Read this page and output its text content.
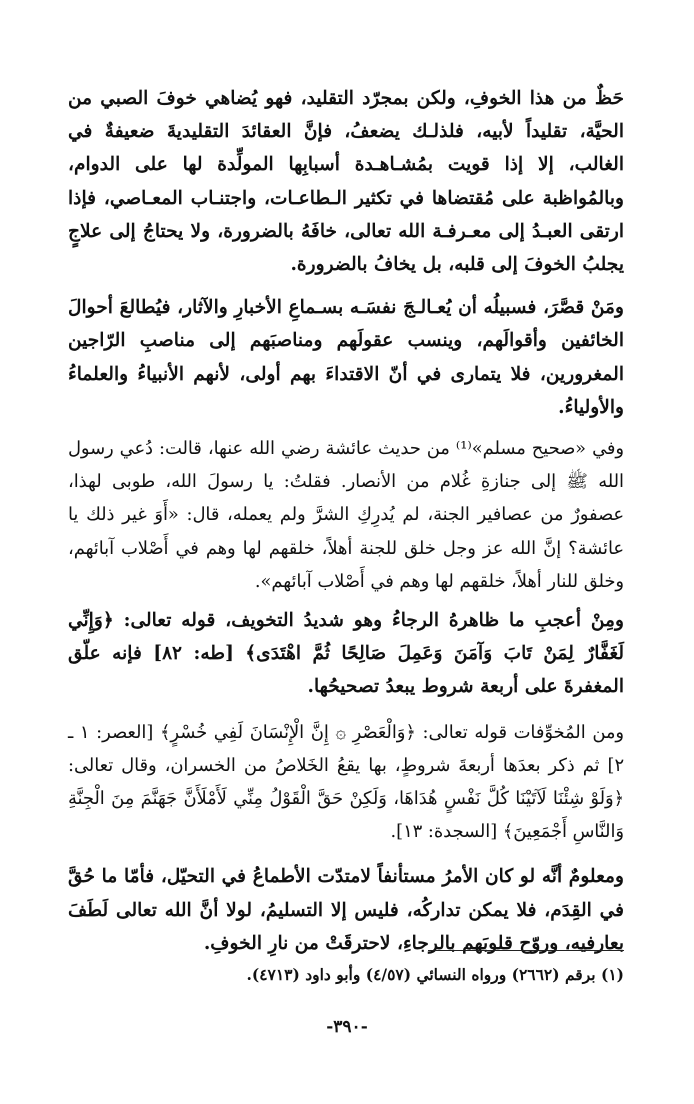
حَظٌ من هذا الخوفِ، ولكن بمجرّد التقليد، فهو يُضاهي خوفَ الصبي من الحيَّة، تقليداً لأبيه، فلذلـك يضعفُ، فإنَّ العقائدَ التقليديةَ ضعيفةٌ في الغالب، إلا إذا قويت بمُشـاهـدة أسبابِها المولِّدة لها على الدوام، وبالمُواظبة على مُقتضاها في تكثير الـطاعـات، واجتنـاب المعـاصي، فإذا ارتقى العبـدُ إلى معـرفـة الله تعالى، خافَهُ بالضرورة، ولا يحتاجُ إلى علاجٍ يجلبُ الخوفَ إلى قلبه، بل يخافُ بالضرورة.

ومَنْ قصَّرَ، فسبيلُه أن يُعـالـجَ نفسَـه بسـماعِ الأخبارِ والآثار، فيُطالعَ أحوالَ الخائفين وأقوالَهم، وينسب عقولَهم ومناصبَهم إلى مناصبِ الرّاجين المغرورين، فلا يتمارى في أنّ الاقتداءَ بهم أولى، لأنهم الأنبياءُ والعلماءُ والأولياءُ.

وفي «صحيح مسلم»⁽¹⁾ من حديث عائشة رضي الله عنها، قالت: دُعي رسول الله ﷺ إلى جنازةِ غُلام من الأنصار. فقلتُ: يا رسولَ الله، طوبى لهذا، عصفورٌ من عصافير الجنة، لم يُدرِكِ الشرَّ ولم يعمله، قال: «أَوَ غير ذلك يا عائشة؟ إنَّ الله عز وجل خلق للجنة أهلاً، خلقهم لها وهم في أَصْلاب آبائهم، وخلق للنار أهلاً، خلقهم لها وهم في أَصْلاب آبائهم».

ومِنْ أعجبِ ما ظاهرهُ الرجاءُ وهو شديدُ التخويف، قوله تعالى: ﴿وَإِنِّي لَغَفَّارٌ لِمَنْ تَابَ وَآمَنَ وَعَمِلَ صَالِحًا ثُمَّ اهْتَدَى﴾ [طه: ٨٢] فإنه علّق المغفرةَ على أربعة شروط يبعدُ تصحيحُها.

ومن المُخوِّفات قوله تعالى: ﴿وَالْعَصْرِ ۞ إِنَّ الْإِنْسَانَ لَفِي خُسْرٍ﴾ [العصر: ١ ـ ٢] ثم ذكر بعدَها أربعةَ شروطٍ، بها يقعُ الخَلاصُ من الخسران، وقال تعالى: ﴿وَلَوْ شِئْنَا لَآتَيْنَا كُلَّ نَفْسٍ هُدَاهَا، وَلَكِنْ حَقَّ الْقَوْلُ مِنِّي لَأَمْلَأَنَّ جَهَنَّمَ مِنَ الْجِنَّةِ وَالنَّاسِ أَجْمَعِينَ﴾ [السجدة: ١٣].

ومعلومٌ أنَّه لو كان الأمرُ مستأنفاً لامتدّت الأطماعُ في التحيّل، فأمّا ما حُقَّ في القِدَم، فلا يمكن تداركُه، فليس إلا التسليمُ، لولا أنَّ الله تعالى لَطَفَ بعارفيه، وروّح قلوبَهم بالرجاءِ، لاحترقَتْ من نارِ الخوفِ.

(١) برقم (٢٦٦٢) ورواه النسائي (٤/٥٧) وأبو داود (٤٧١٣).
-٣٩٠-
